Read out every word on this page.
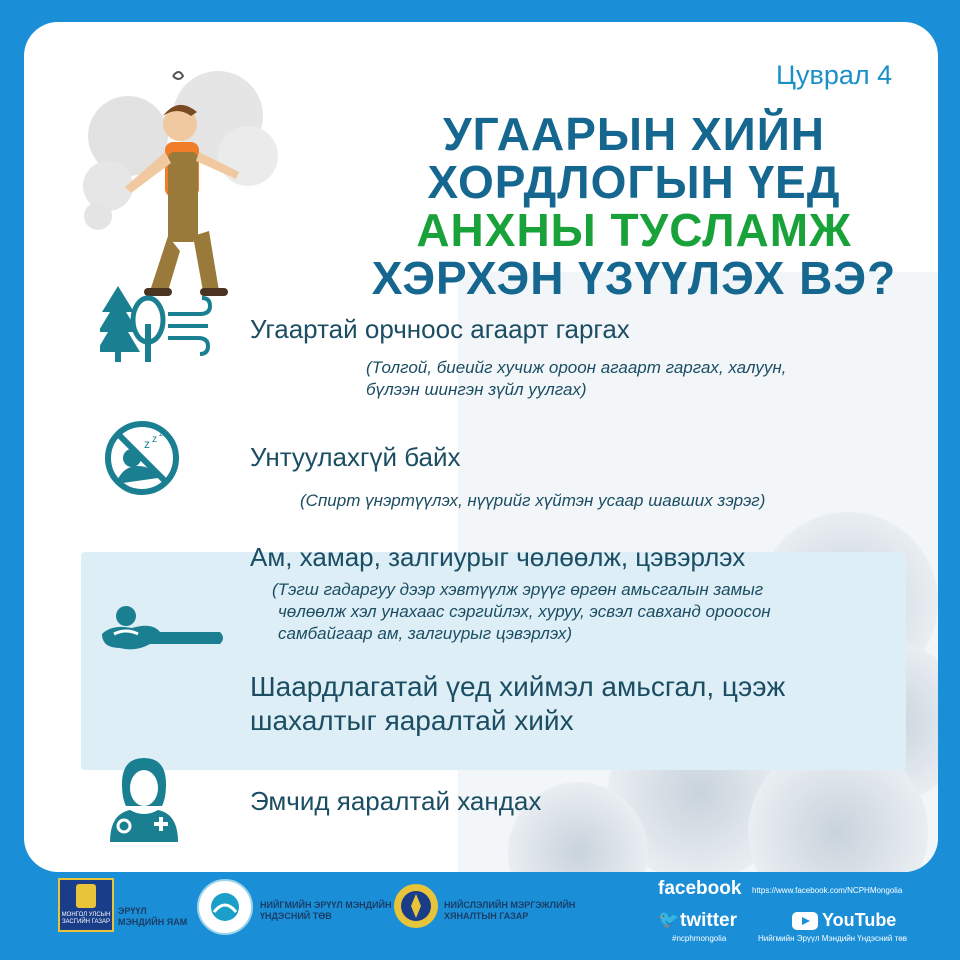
Цуврал 4
УГААРЫН ХИЙН
ХОРДЛОГЫН ҮЕД
АНХНЫ ТУСЛАМЖ
ХЭРХЭН ҮЗҮҮЛЭХ ВЭ?
Угаартай орчноос агаарт гаргах
(Толгой, биеийг хучиж ороон агаарт гаргах, халуун,
бүлээн шингэн зүйл уулгах)
z z
z
Унтуулахгүй байх
(Спирт үнэртүүлэх, нүүрийг хүйтэн усаар шавших зэрэг)
Ам, хамар, залгиурыг чөлөөлж, цэвэрлэх
(Тэгш гадаргуу дээр хэвтүүлж эрүүг өргөн амьсгалын замыг
чөлөөлж хэл унахаас сэргийлэх, хуруу, эсвэл савханд ороосон
самбайгаар ам, залгиурыг цэвэрлэх)
Шаардлагатай үед хиймэл амьсгал, цээж
шахалтыг яаралтай хийх
Эмчид яаралтай хандах
МОНГОЛ УЛСЫН
ЗАСГИЙН ГАЗАР
ЭРҮҮЛ
МЭНДИЙН ЯАМ
НИЙГМИЙН ЭРҮҮЛ МЭНДИЙН
ҮНДЭСНИЙ ТӨВ
НИЙСЛЭЛИЙН МЭРГЭЖЛИЙН
ХЯНАЛТЫН ГАЗАР
facebook https://www.facebook.com/NCPHMongolia
🐦 twitter
#ncphmongolia
YouTube
Нийгмийн Эрүүл Мэндийн Үндэсний төв
